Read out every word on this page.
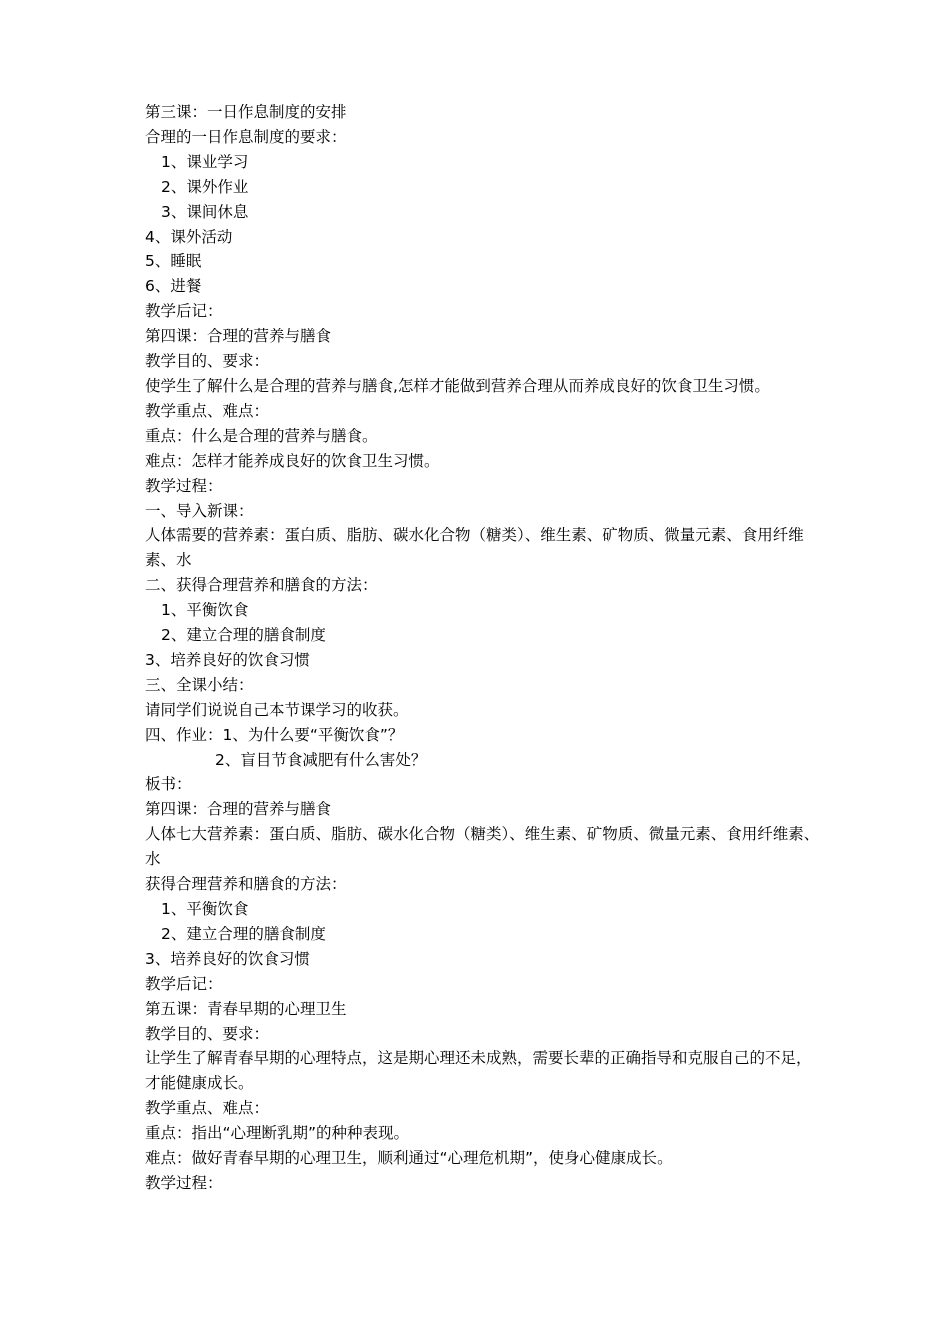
第三课：一日作息制度的安排

合理的一日作息制度的要求：

1、课业学习

2、课外作业

3、课间休息

4、课外活动

5、睡眠

6、进餐

教学后记：

第四课：合理的营养与膳食

教学目的、要求：

使学生了解什么是合理的营养与膳食,怎样才能做到营养合理从而养成良好的饮食卫生习惯。

教学重点、难点：

重点：什么是合理的营养与膳食。

难点：怎样才能养成良好的饮食卫生习惯。

教学过程：

一、导入新课：

人体需要的营养素：蛋白质、脂肪、碳水化合物（糖类）、维生素、矿物质、微量元素、食用纤维素、水

二、获得合理营养和膳食的方法：

1、平衡饮食

2、建立合理的膳食制度

3、培养良好的饮食习惯

三、全课小结：

请同学们说说自己本节课学习的收获。

四、作业：1、为什么要“平衡饮食”？

2、盲目节食减肥有什么害处？

板书：

第四课：合理的营养与膳食

人体七大营养素：蛋白质、脂肪、碳水化合物（糖类）、维生素、矿物质、微量元素、食用纤维素、水

获得合理营养和膳食的方法：

1、平衡饮食

2、建立合理的膳食制度

3、培养良好的饮食习惯

教学后记：

第五课：青春早期的心理卫生

教学目的、要求：

让学生了解青春早期的心理特点，这是期心理还未成熟，需要长辈的正确指导和克服自己的不足，才能健康成长。

教学重点、难点：

重点：指出“心理断乳期”的种种表现。

难点：做好青春早期的心理卫生，顺利通过“心理危机期”，使身心健康成长。

教学过程：
